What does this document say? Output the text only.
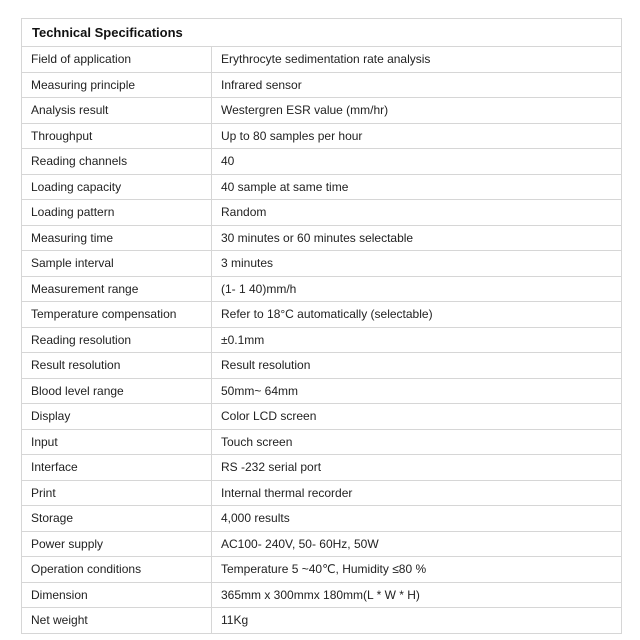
Technical Specifications	
Field of application	Erythrocyte sedimentation rate analysis
Measuring principle	Infrared sensor
Analysis result	Westergren ESR value (mm/hr)
Throughput	Up to 80 samples per hour
Reading channels	40
Loading capacity	40 sample at same time
Loading pattern	Random
Measuring time	30 minutes or 60 minutes selectable
Sample interval	3 minutes
Measurement range	(1- 1 40)mm/h
Temperature compensation	Refer to 18°C automatically (selectable)
Reading resolution	±0.1mm
Result resolution	Result resolution
Blood level range	50mm~ 64mm
Display	Color LCD screen
Input	Touch screen
Interface	RS -232 serial port
Print	Internal thermal recorder
Storage	4,000 results
Power supply	AC100- 240V, 50- 60Hz, 50W
Operation conditions	Temperature 5 ~40℃, Humidity ≤80 %
Dimension	365mm x 300mmx 180mm(L * W * H)
Net weight	11Kg
